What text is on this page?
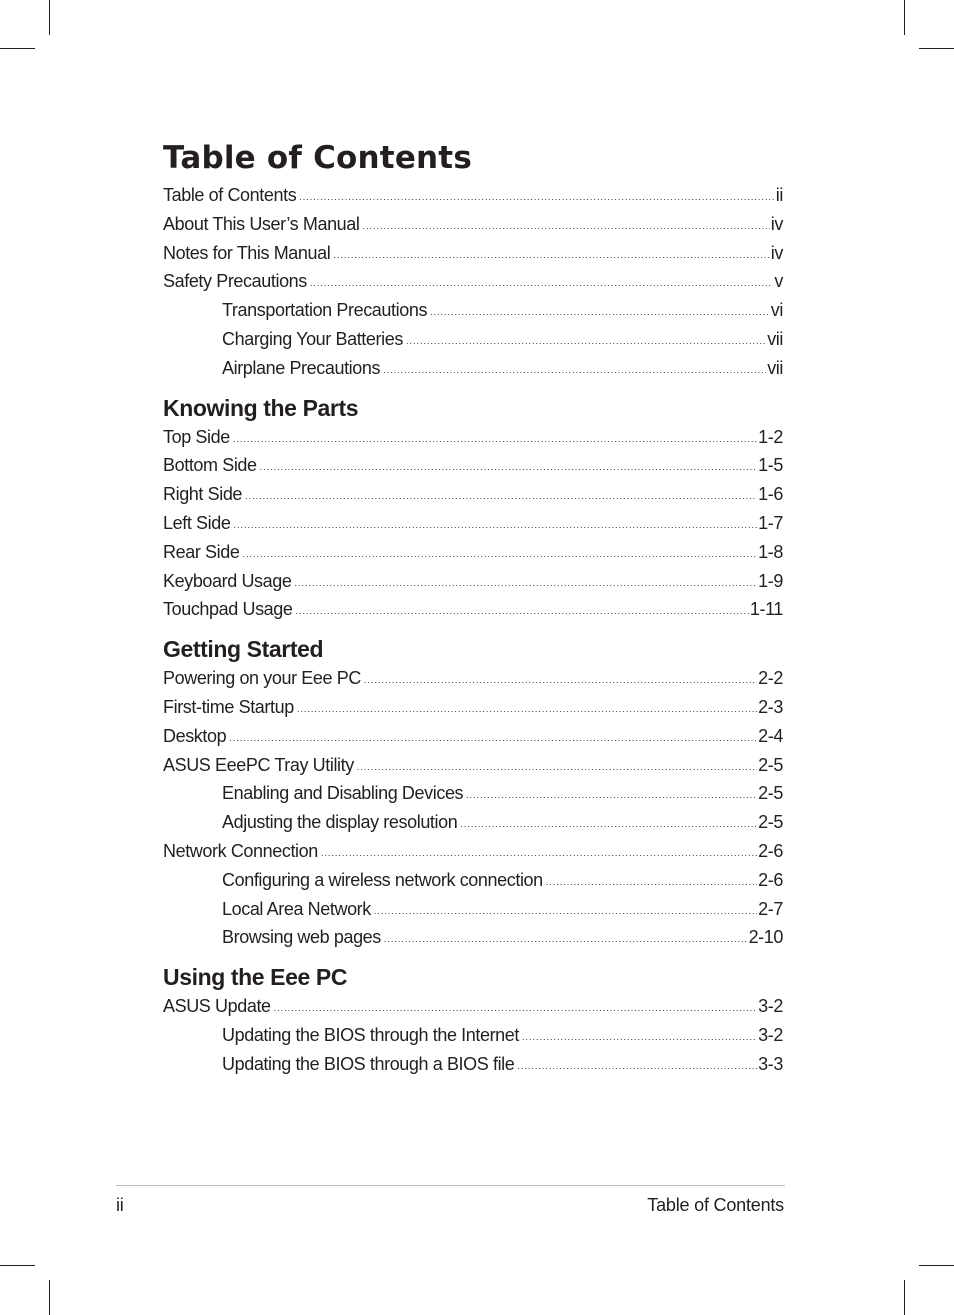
Table of Contents
Table of Contents .....	ii
About This User’s Manual .....	iv
Notes for This Manual .....	iv
Safety Precautions .....	v
Transportation Precautions .....	vi
Charging Your Batteries .....	vii
Airplane Precautions .....	vii
Knowing the Parts
Top Side .....	1-2
Bottom Side .....	1-5
Right Side .....	1-6
Left Side .....	1-7
Rear Side .....	1-8
Keyboard Usage .....	1-9
Touchpad Usage .....	1-11
Getting Started
Powering on your Eee PC .....	2-2
First-time Startup .....	2-3
Desktop .....	2-4
ASUS EeePC Tray Utility .....	2-5
Enabling and Disabling Devices .....	2-5
Adjusting the display resolution .....	2-5
Network Connection .....	2-6
Configuring a wireless network connection .....	2-6
Local Area Network .....	2-7
Browsing web pages .....	2-10
Using the Eee PC
ASUS Update .....	3-2
Updating the BIOS through the Internet .....	3-2
Updating the BIOS through a BIOS file .....	3-3
ii	Table of Contents
